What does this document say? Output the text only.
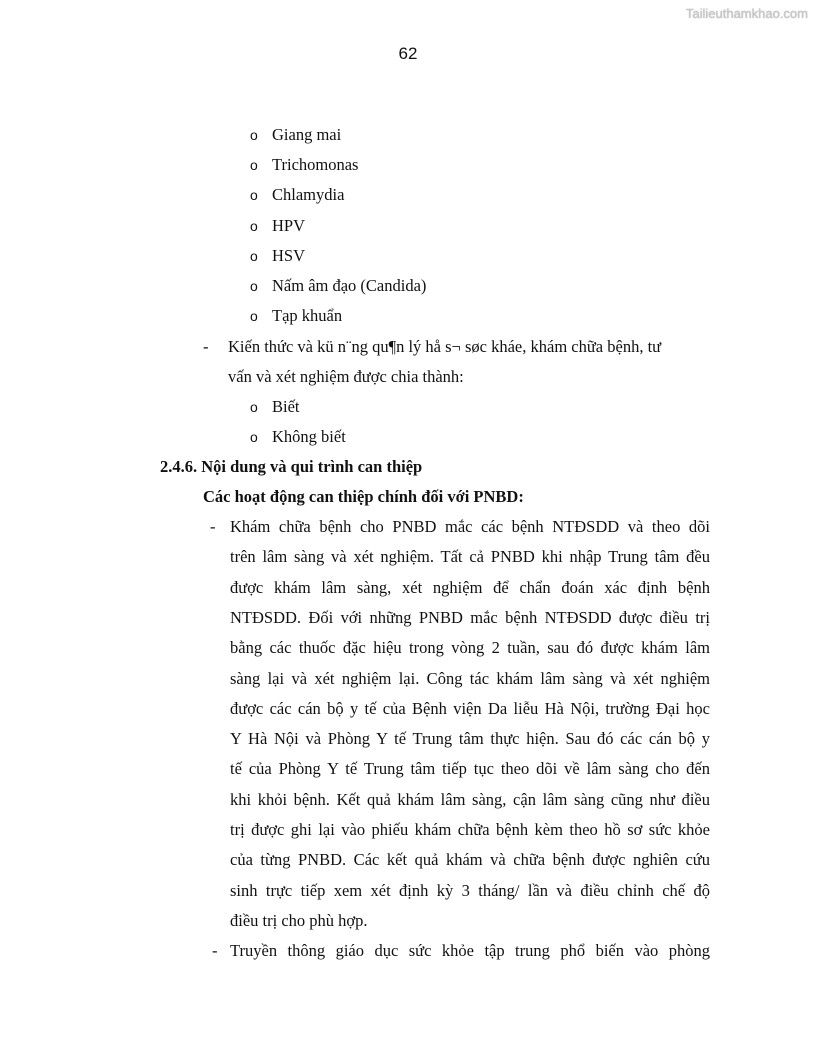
Tailieuthamkhao.com
62
o Giang mai
o Trichomonas
o Chlamydia
o HPV
o HSV
o Nấm âm đạo (Candida)
o Tạp khuẩn
- Kiến thức và kü n¨ng qu¶n lý hå s¬ søc kháe, khám chữa bệnh, tư
vấn và xét nghiệm được chia thành:
o Biết
o Không biết
2.4.6. Nội dung và qui trình can thiệp
Các hoạt động can thiệp chính đối với PNBD:
- Khám chữa bệnh cho PNBD mắc các bệnh NTĐSDD và theo dõi
trên lâm sàng và xét nghiệm. Tất cả PNBD khi nhập Trung tâm đều
được khám lâm sàng, xét nghiệm để chẩn đoán xác định bệnh
NTĐSDD. Đối với những PNBD mắc bệnh NTĐSDD được điều trị
bằng các thuốc đặc hiệu trong vòng 2 tuần, sau đó được khám lâm
sàng lại và xét nghiệm lại. Công tác khám lâm sàng và xét nghiệm
được các cán bộ y tế của Bệnh viện Da liễu Hà Nội, trường Đại học
Y Hà Nội và Phòng Y tế Trung tâm thực hiện. Sau đó các cán bộ y
tế của Phòng Y tế Trung tâm tiếp tục theo dõi về lâm sàng cho đến
khi khỏi bệnh. Kết quả khám lâm sàng, cận lâm sàng cũng như điều
trị được ghi lại vào phiếu khám chữa bệnh kèm theo hồ sơ sức khỏe
của từng PNBD. Các kết quả khám và chữa bệnh được nghiên cứu
sinh trực tiếp xem xét định kỳ 3 tháng/ lần và điều chỉnh chế độ
điều trị cho phù hợp.
- Truyền thông giáo dục sức khỏe tập trung phổ biến vào phòng
